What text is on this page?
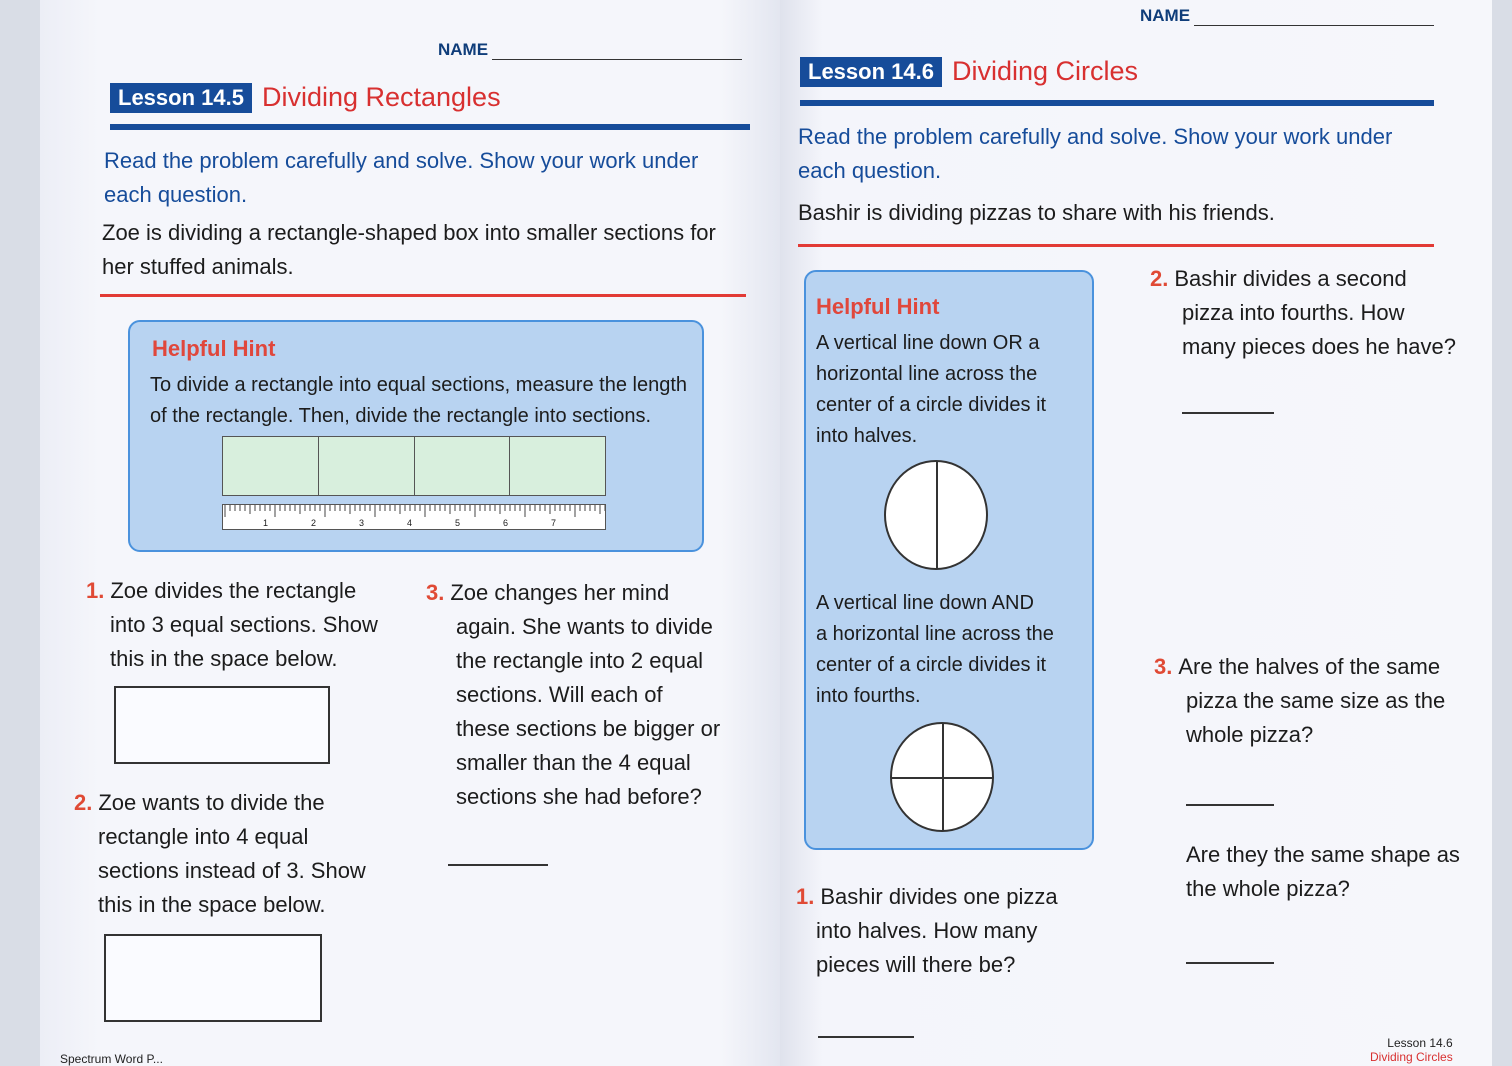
NAME
Lesson 14.5 Dividing Rectangles
Read the problem carefully and solve. Show your work under
each question.
Zoe is dividing a rectangle-shaped box into smaller sections for
her stuffed animals.
Helpful Hint
To divide a rectangle into equal sections, measure the length
of the rectangle. Then, divide the rectangle into sections.
1	2	3	4	5	6	7
1. Zoe divides the rectangle
into 3 equal sections. Show
this in the space below.
2. Zoe wants to divide the
rectangle into 4 equal
sections instead of 3. Show
this in the space below.
3. Zoe changes her mind
again. She wants to divide
the rectangle into 2 equal
sections. Will each of
these sections be bigger or
smaller than the 4 equal
sections she had before?
Spectrum Word P...
NAME
Lesson 14.6 Dividing Circles
Read the problem carefully and solve. Show your work under
each question.
Bashir is dividing pizzas to share with his friends.
Helpful Hint
A vertical line down OR a
horizontal line across the
center of a circle divides it
into halves.
A vertical line down AND
a horizontal line across the
center of a circle divides it
into fourths.
1. Bashir divides one pizza
into halves. How many
pieces will there be?
2. Bashir divides a second
pizza into fourths. How
many pieces does he have?
3. Are the halves of the same
pizza the same size as the
whole pizza?
Are they the same shape as
the whole pizza?
Lesson 14.6
Dividing Circles
